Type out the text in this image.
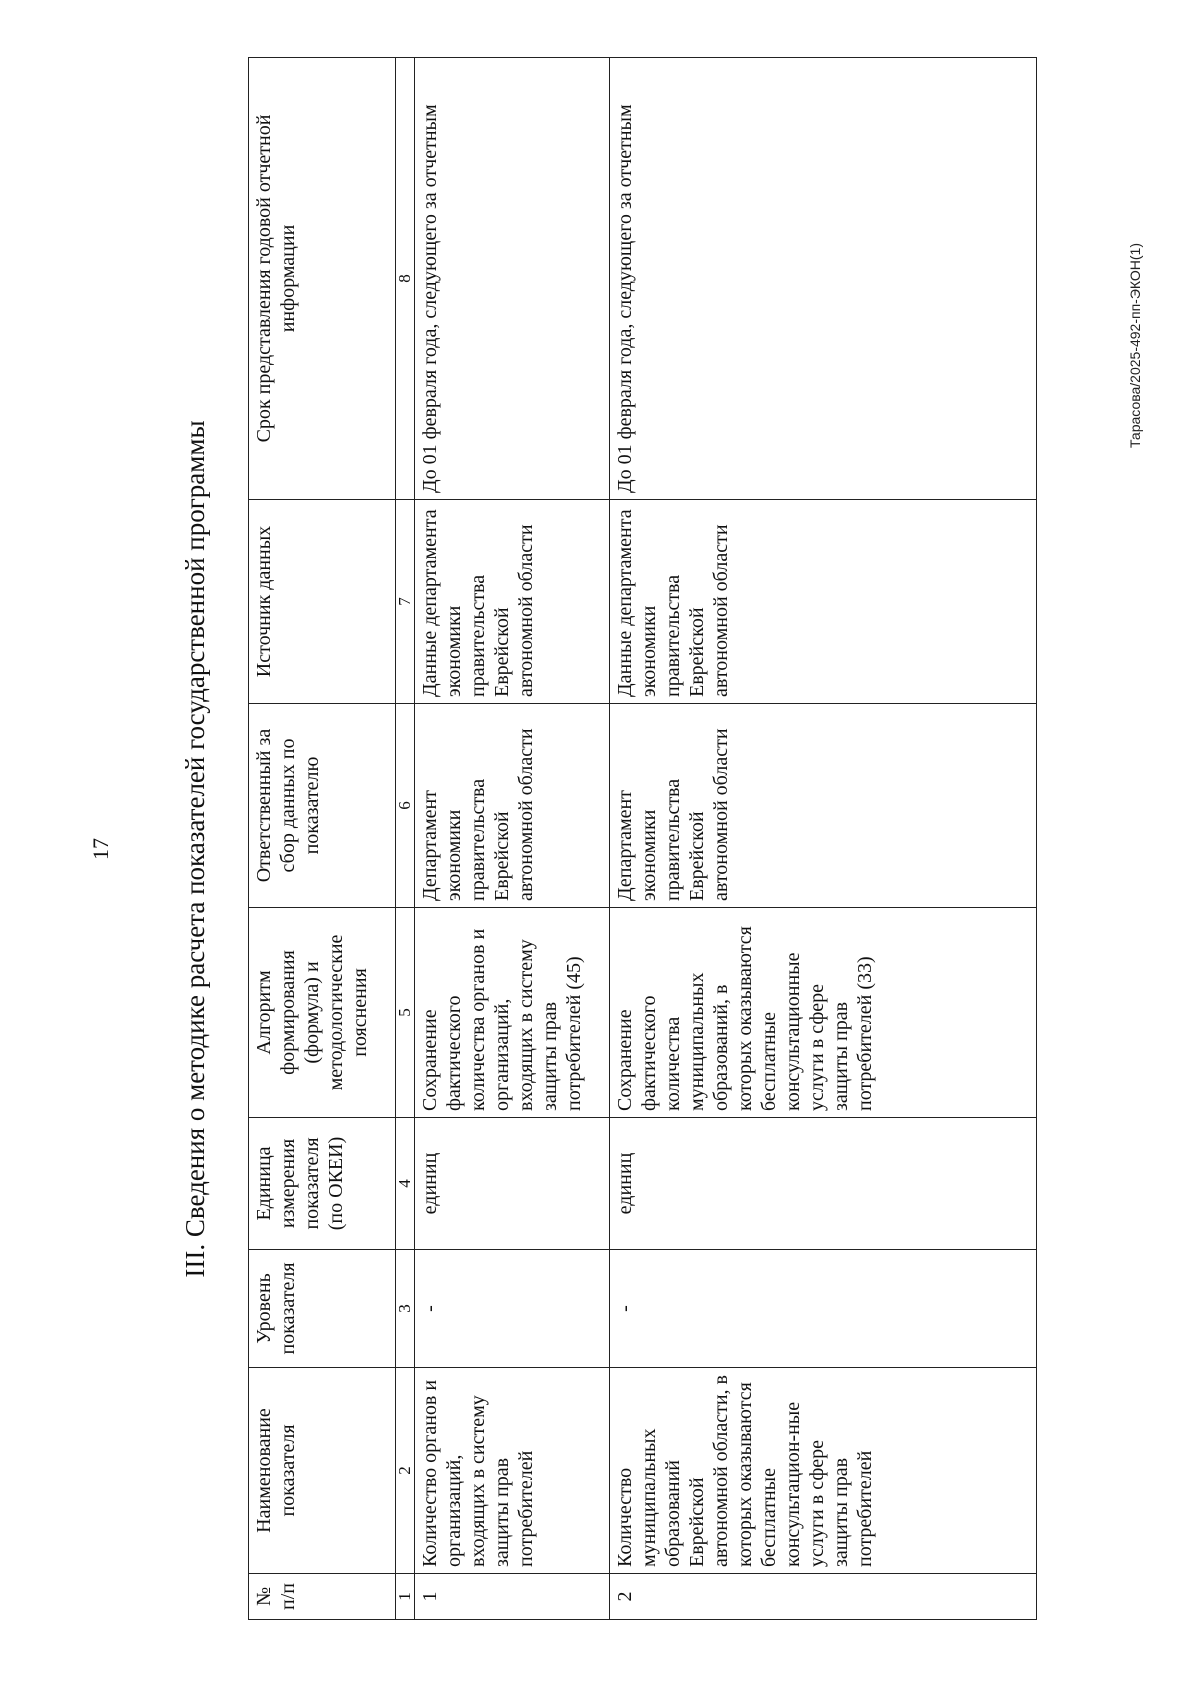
17 III. Сведения о методике расчета показателей государственной программы
№ п/п	Наименование показателя	Уровень показателя	Единица измерения показателя (по ОКЕИ)	Алгоритм формирования (формула) и методологические пояснения	Ответственный за сбор данных по показателю	Источник данных	Срок представления годовой отчетной информации
1	2	3	4	5	6	7	8
1	Количество органов и организаций, входящих в систему защиты прав потребителей	-	единиц	Сохранение фактического количества органов и организаций, входящих в систему защиты прав потребителей (45)	Департамент экономики правительства Еврейской автономной области	Данные департамента экономики правительства Еврейской автономной области	До 01 февраля года, следующего за отчетным
2	Количество муниципальных образований Еврейской автономной области, в которых оказываются бесплатные консультацион-ные услуги в сфере защиты прав потребителей	-	единиц	Сохранение фактического количества муниципальных образований, в которых оказываются бесплатные консультационные услуги в сфере защиты прав потребителей (33)	Департамент экономики правительства Еврейской автономной области	Данные департамента экономики правительства Еврейской автономной области	До 01 февраля года, следующего за отчетным	Тарасова/2025-492-пп-ЭКОН(1)
